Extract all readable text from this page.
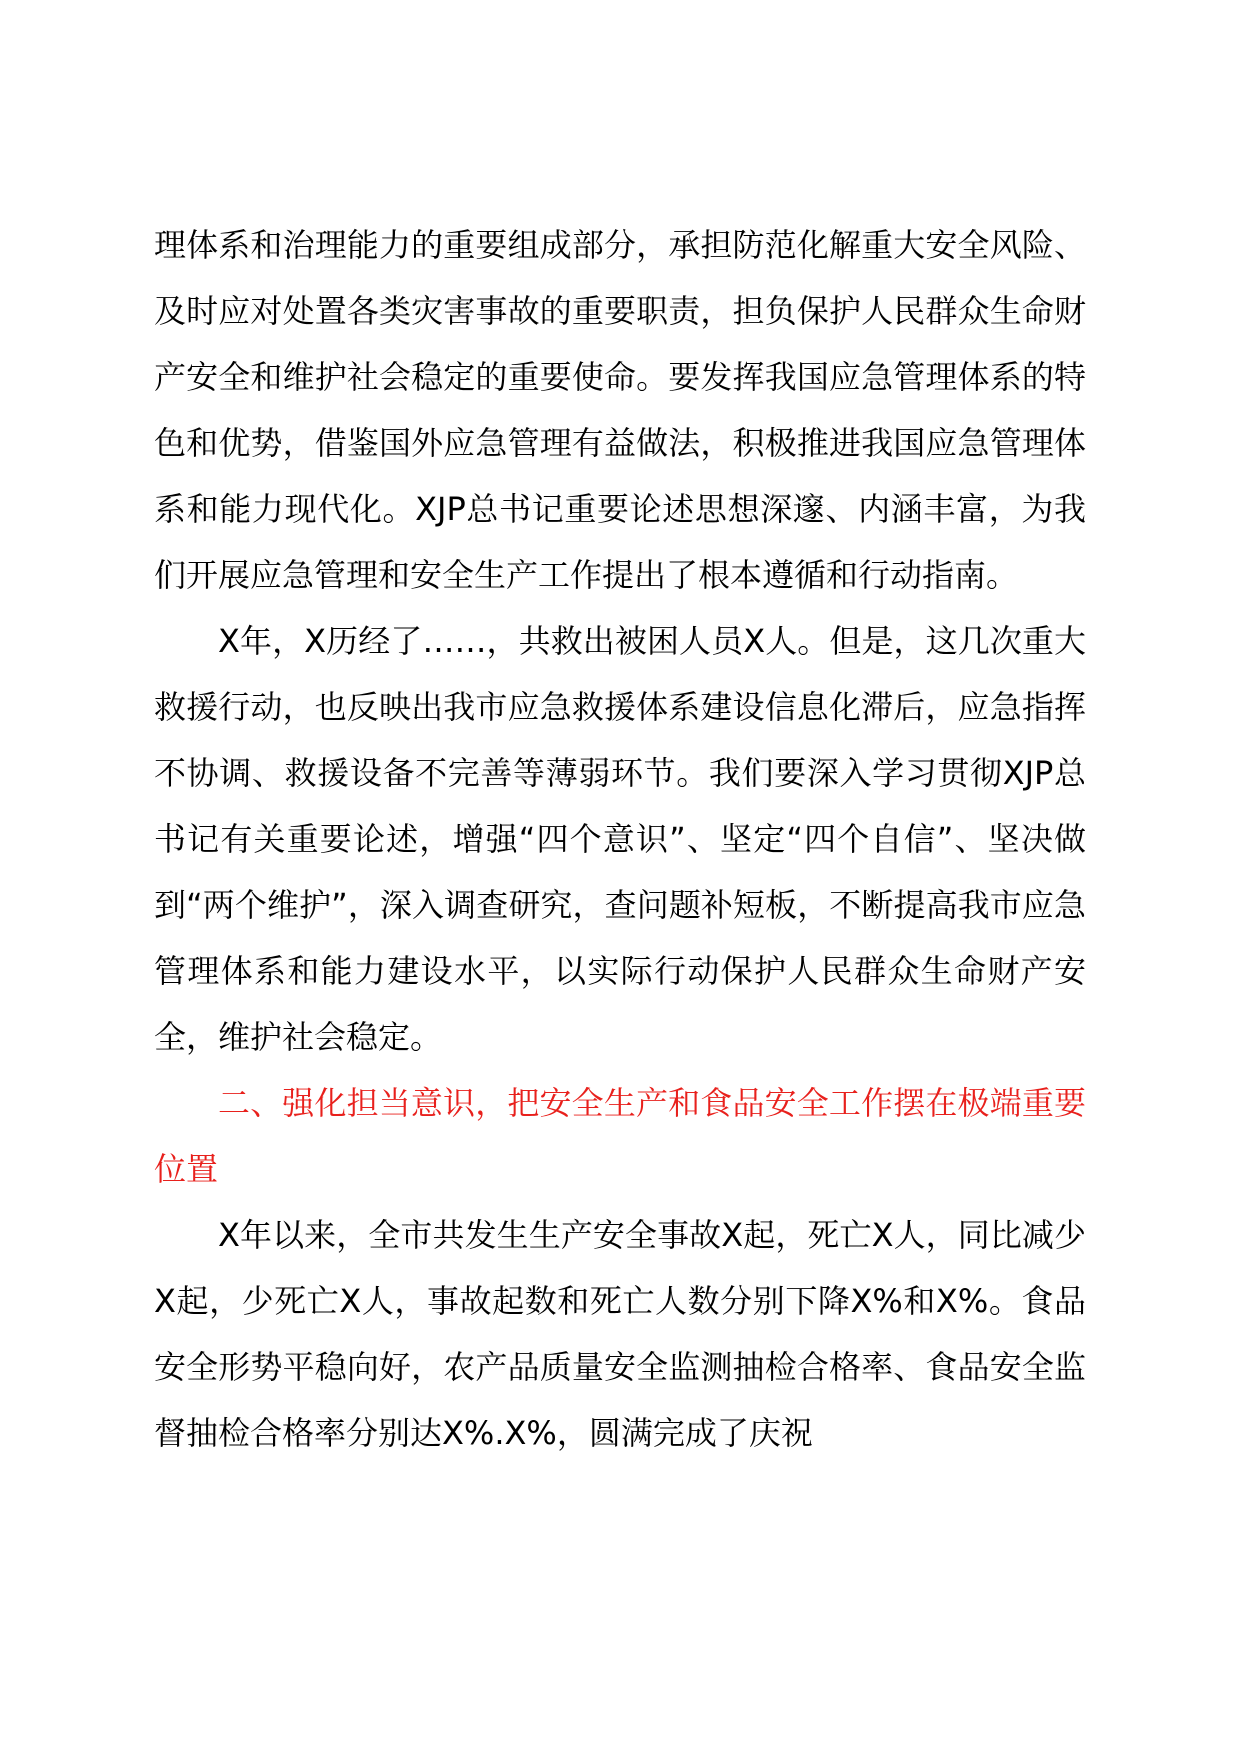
理体系和治理能力的重要组成部分，承担防范化解重大安全风险、及时应对处置各类灾害事故的重要职责，担负保护人民群众生命财产安全和维护社会稳定的重要使命。要发挥我国应急管理体系的特色和优势，借鉴国外应急管理有益做法，积极推进我国应急管理体系和能力现代化。XJP总书记重要论述思想深邃、内涵丰富，为我们开展应急管理和安全生产工作提出了根本遵循和行动指南。

X年，X历经了……，共救出被困人员X人。但是，这几次重大救援行动，也反映出我市应急救援体系建设信息化滞后，应急指挥不协调、救援设备不完善等薄弱环节。我们要深入学习贯彻XJP总书记有关重要论述，增强“四个意识”、坚定“四个自信”、坚决做到“两个维护”，深入调查研究，查问题补短板，不断提高我市应急管理体系和能力建设水平，以实际行动保护人民群众生命财产安全，维护社会稳定。

二、强化担当意识，把安全生产和食品安全工作摆在极端重要位置

X年以来，全市共发生生产安全事故X起，死亡X人，同比减少X起，少死亡X人，事故起数和死亡人数分别下降X%和X%。食品安全形势平稳向好，农产品质量安全监测抽检合格率、食品安全监督抽检合格率分别达X%.X%，圆满完成了庆祝
